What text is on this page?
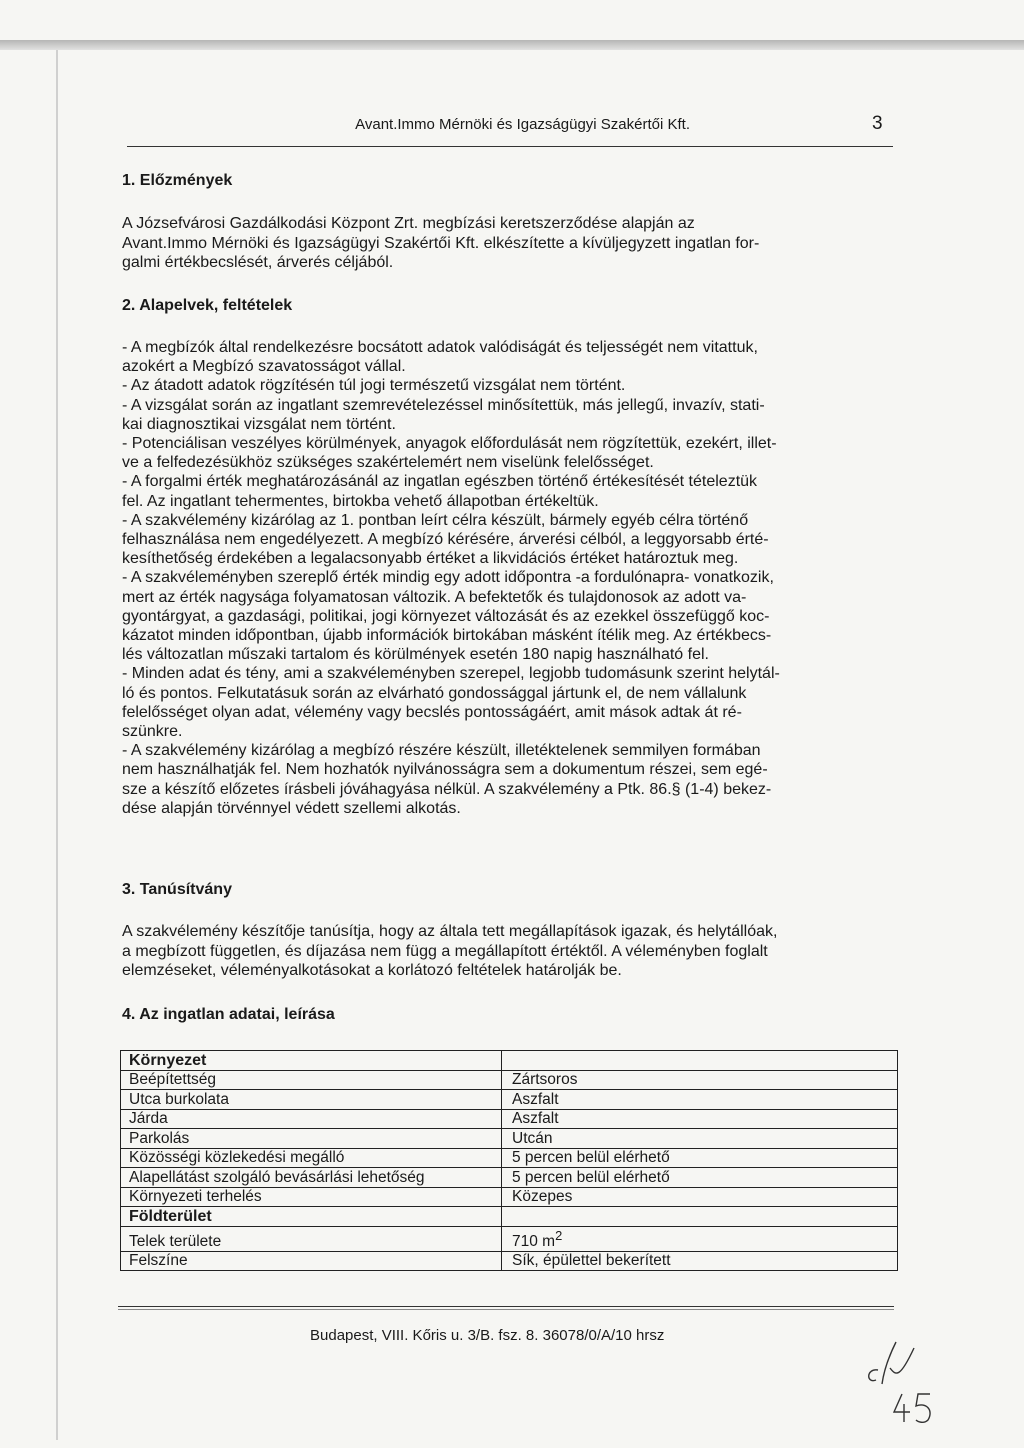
Avant.Immo Mérnöki és Igazságügyi Szakértői Kft.	3
1. Előzmények

A Józsefvárosi Gazdálkodási Központ Zrt. megbízási keretszerződése alapján az

Avant.Immo Mérnöki és Igazságügyi Szakértői Kft. elkészítette a kívüljegyzett ingatlan for-

galmi értékbecslését, árverés céljából.

2. Alapelvek, feltételek

- A megbízók által rendelkezésre bocsátott adatok valódiságát és teljességét nem vitattuk,

azokért a Megbízó szavatosságot vállal.

- Az átadott adatok rögzítésén túl jogi természetű vizsgálat nem történt.

- A vizsgálat során az ingatlant szemrevételezéssel minősítettük, más jellegű, invazív, stati-

kai diagnosztikai vizsgálat nem történt.

- Potenciálisan veszélyes körülmények, anyagok előfordulását nem rögzítettük, ezekért, illet-

ve a felfedezésükhöz szükséges szakértelemért nem viselünk felelősséget.

- A forgalmi érték meghatározásánál az ingatlan egészben történő értékesítését tételeztük

fel. Az ingatlant tehermentes, birtokba vehető állapotban értékeltük.

- A szakvélemény kizárólag az 1. pontban leírt célra készült, bármely egyéb célra történő

felhasználása nem engedélyezett. A megbízó kérésére, árverési célból, a leggyorsabb érté-

kesíthetőség érdekében a legalacsonyabb értéket a likvidációs értéket határoztuk meg.

- A szakvéleményben szereplő érték mindig egy adott időpontra -a fordulónapra- vonatkozik,

mert az érték nagysága folyamatosan változik. A befektetők és tulajdonosok az adott va-

gyontárgyat, a gazdasági, politikai, jogi környezet változását és az ezekkel összefüggő koc-

kázatot minden időpontban, újabb információk birtokában másként ítélik meg. Az értékbecs-

lés változatlan műszaki tartalom és körülmények esetén 180 napig használható fel.

- Minden adat és tény, ami a szakvéleményben szerepel, legjobb tudomásunk szerint helytál-

ló és pontos. Felkutatásuk során az elvárható gondossággal jártunk el, de nem vállalunk

felelősséget olyan adat, vélemény vagy becslés pontosságáért, amit mások adtak át ré-

szünkre.

- A szakvélemény kizárólag a megbízó részére készült, illetéktelenek semmilyen formában

nem használhatják fel. Nem hozhatók nyilvánosságra sem a dokumentum részei, sem egé-

sze a készítő előzetes írásbeli jóváhagyása nélkül. A szakvélemény a Ptk. 86.§ (1-4) bekez-

dése alapján törvénnyel védett szellemi alkotás.

3. Tanúsítvány

A szakvélemény készítője tanúsítja, hogy az általa tett megállapítások igazak, és helytállóak,

a megbízott független, és díjazása nem függ a megállapított értéktől. A véleményben foglalt

elemzéseket, véleményalkotásokat a korlátozó feltételek határolják be.

4. Az ingatlan adatai, leírása
Környezet	
Beépítettség	Zártsoros
Utca burkolata	Aszfalt
Járda	Aszfalt
Parkolás	Utcán
Közösségi közlekedési megálló	5 percen belül elérhető
Alapellátást szolgáló bevásárlási lehetőség	5 percen belül elérhető
Környezeti terhelés	Közepes
Földterület	
Telek területe	710 $m^2$
Felszíne	Sík, épülettel bekerített
Budapest, VIII. Kőris u. 3/B. fsz. 8. 36078/0/A/10 hrsz
